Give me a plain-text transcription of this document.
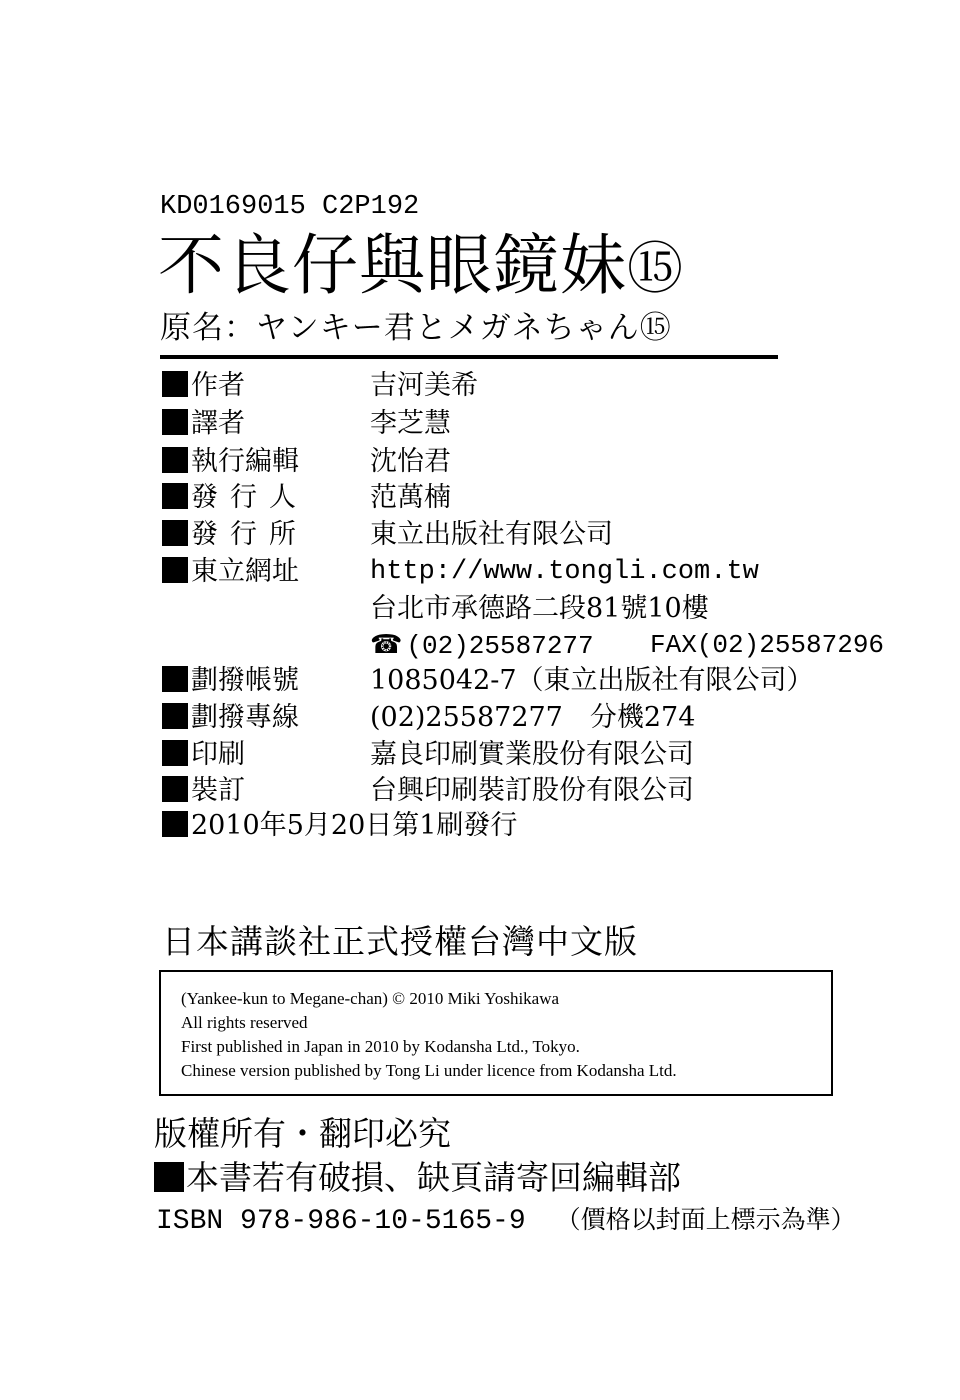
KD0169015 C2P192
不良仔與眼鏡妹⑮
原名：ヤンキー君とメガネちゃん⑮
作者	吉河美希
譯者	李芝慧
執行編輯	沈怡君
發行人 范萬楠
發行所 東立出版社有限公司
東立網址	http://www.tongli.com.tw
台北市承德路二段81號10樓
☎ (02)25587277 FAX(02)25587296
劃撥帳號	1085042-7（東立出版社有限公司）
劃撥專線	(02)25587277　分機274
印刷	嘉良印刷實業股份有限公司
裝訂	台興印刷裝訂股份有限公司
2010年5月20日第1刷發行
日本講談社正式授權台灣中文版
(Yankee-kun to Megane-chan) © 2010 Miki Yoshikawa
All rights reserved
First published in Japan in 2010 by Kodansha Ltd., Tokyo.
Chinese version published by Tong Li under licence from Kodansha Ltd.
版權所有・翻印必究
本書若有破損、缺頁請寄回編輯部
ISBN 978-986-10-5165-9 （價格以封面上標示為準）
